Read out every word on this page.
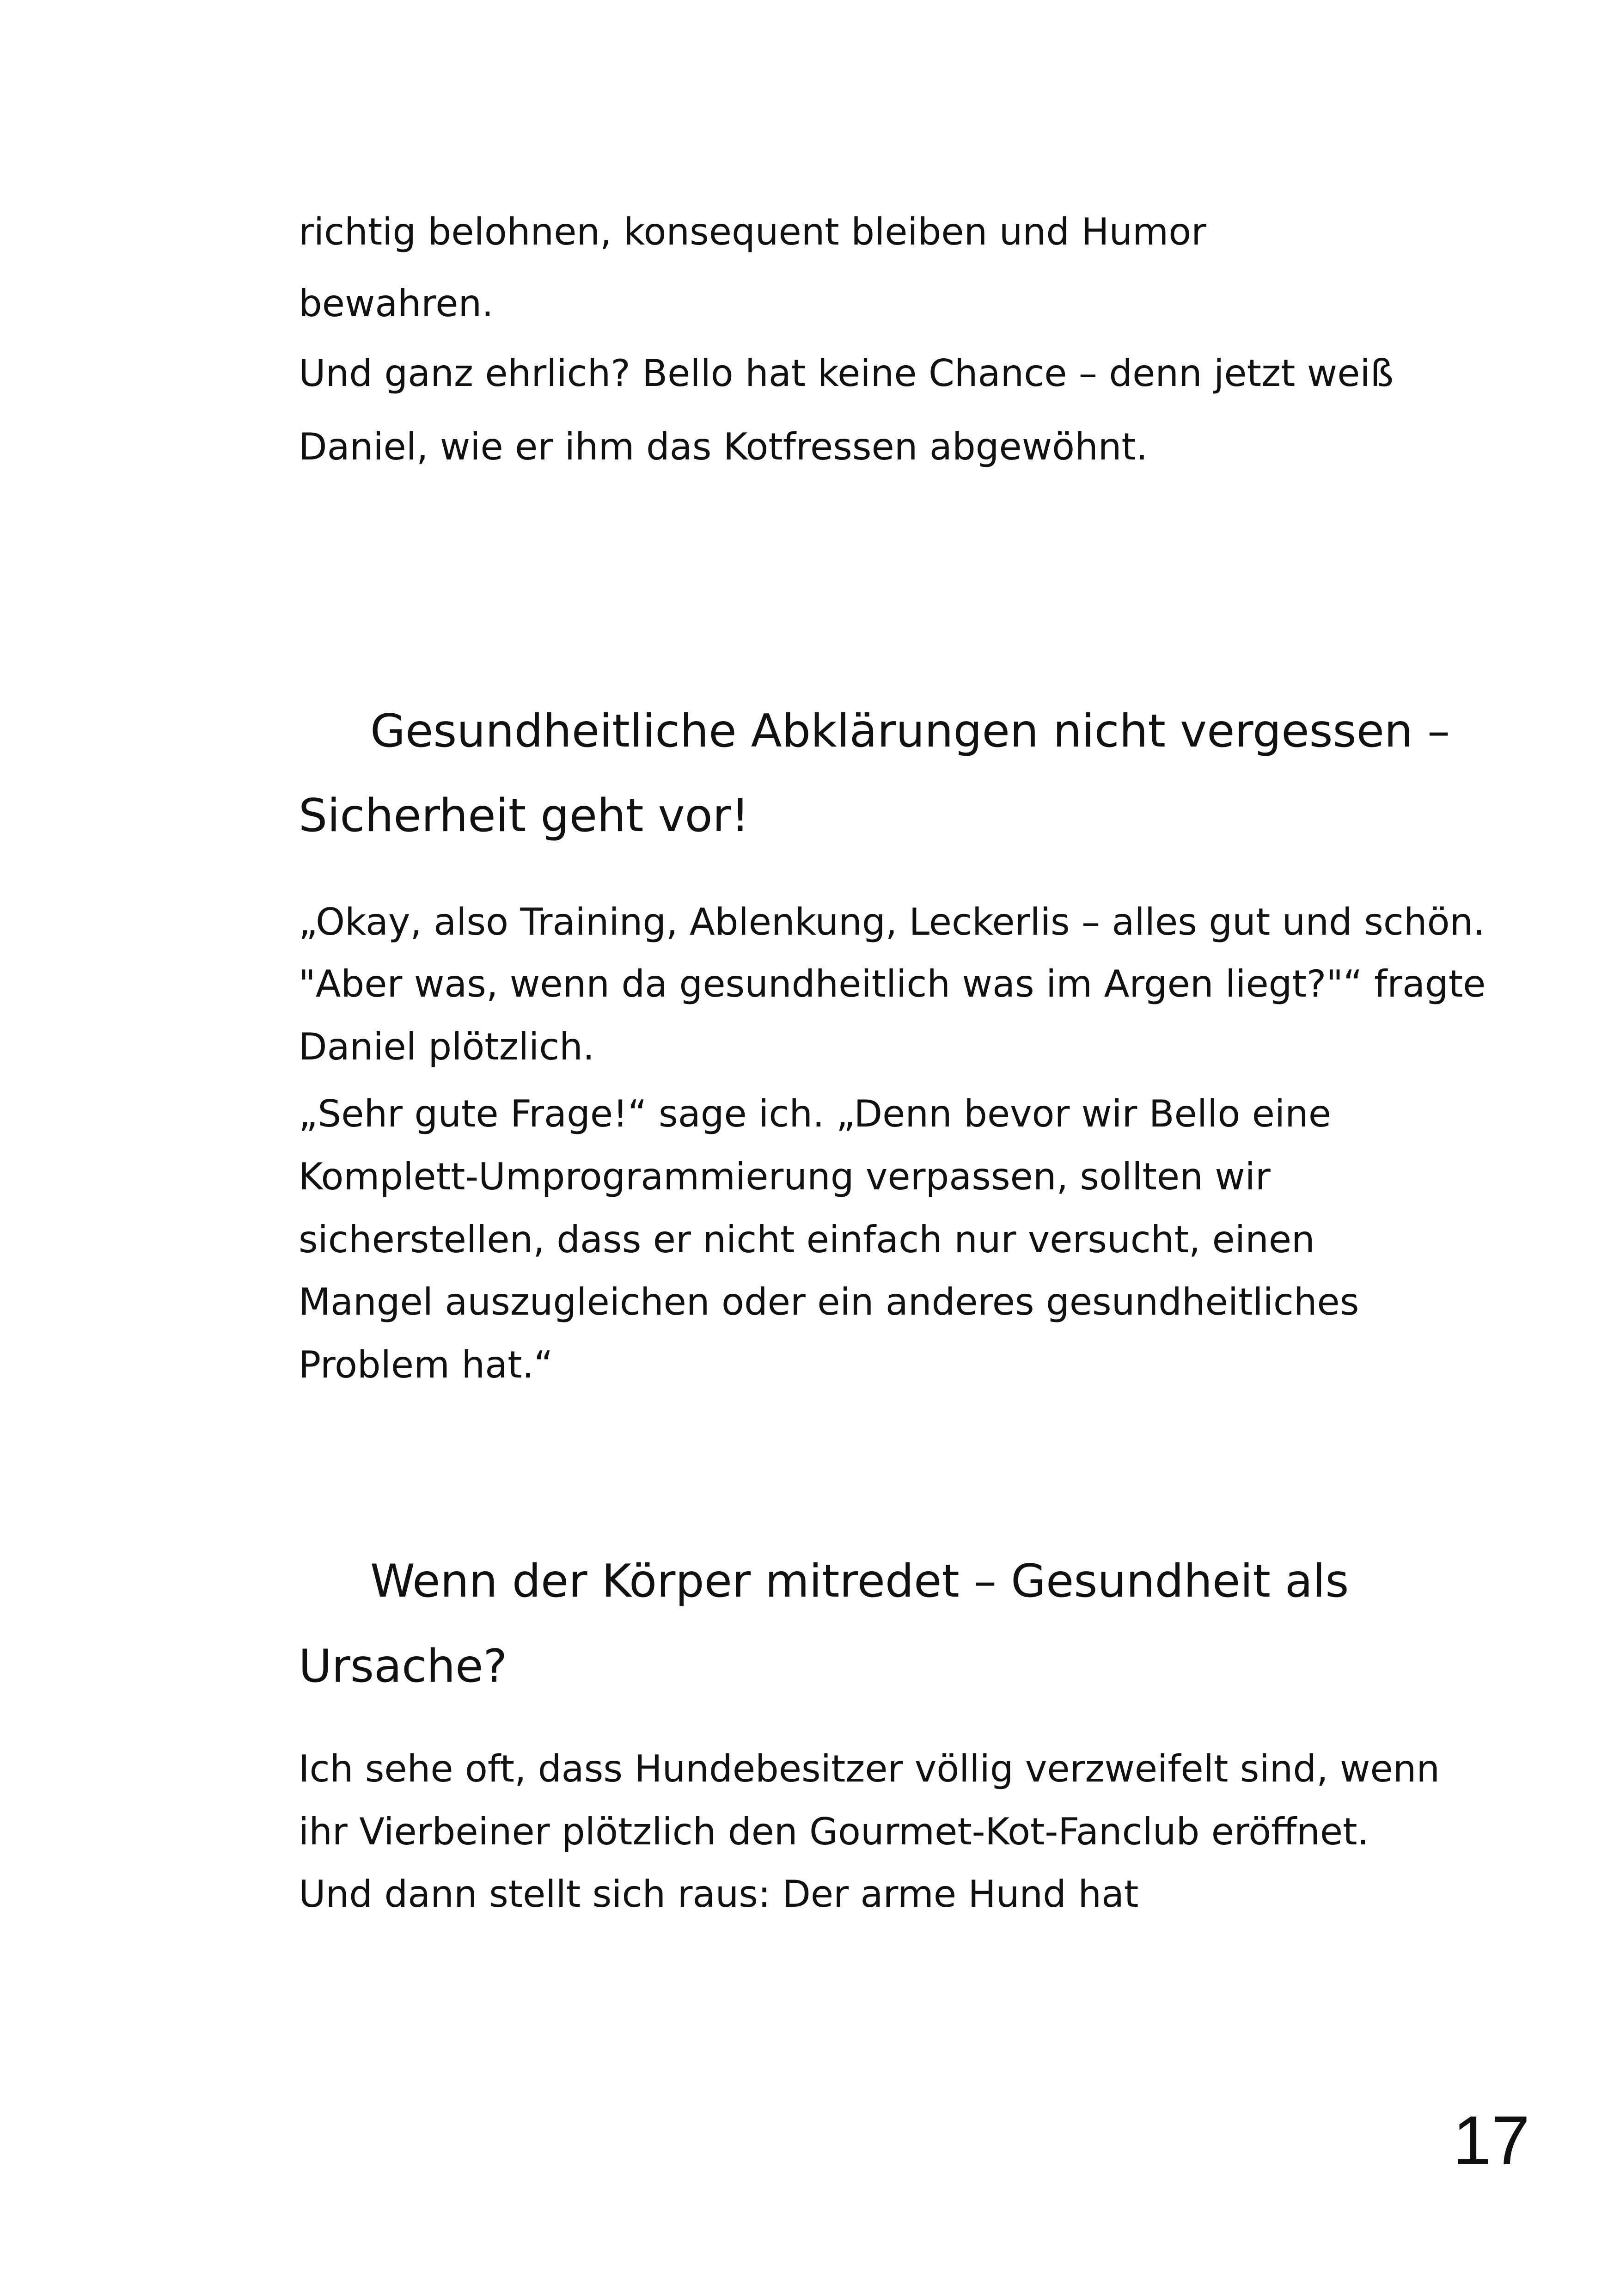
richtig belohnen, konsequent bleiben und Humor
bewahren.
Und ganz ehrlich? Bello hat keine Chance – denn jetzt weiß
Daniel, wie er ihm das Kotfressen abgewöhnt.
Gesundheitliche Abklärungen nicht vergessen –
Sicherheit geht vor!
„Okay, also Training, Ablenkung, Leckerlis – alles gut und schön.
"Aber was, wenn da gesundheitlich was im Argen liegt?"“ fragte
Daniel plötzlich.
„Sehr gute Frage!“ sage ich. „Denn bevor wir Bello eine
Komplett-Umprogrammierung verpassen, sollten wir
sicherstellen, dass er nicht einfach nur versucht, einen
Mangel auszugleichen oder ein anderes gesundheitliches
Problem hat.“
Wenn der Körper mitredet – Gesundheit als
Ursache?
Ich sehe oft, dass Hundebesitzer völlig verzweifelt sind, wenn
ihr Vierbeiner plötzlich den Gourmet-Kot-Fanclub eröffnet.
Und dann stellt sich raus: Der arme Hund hat
17
